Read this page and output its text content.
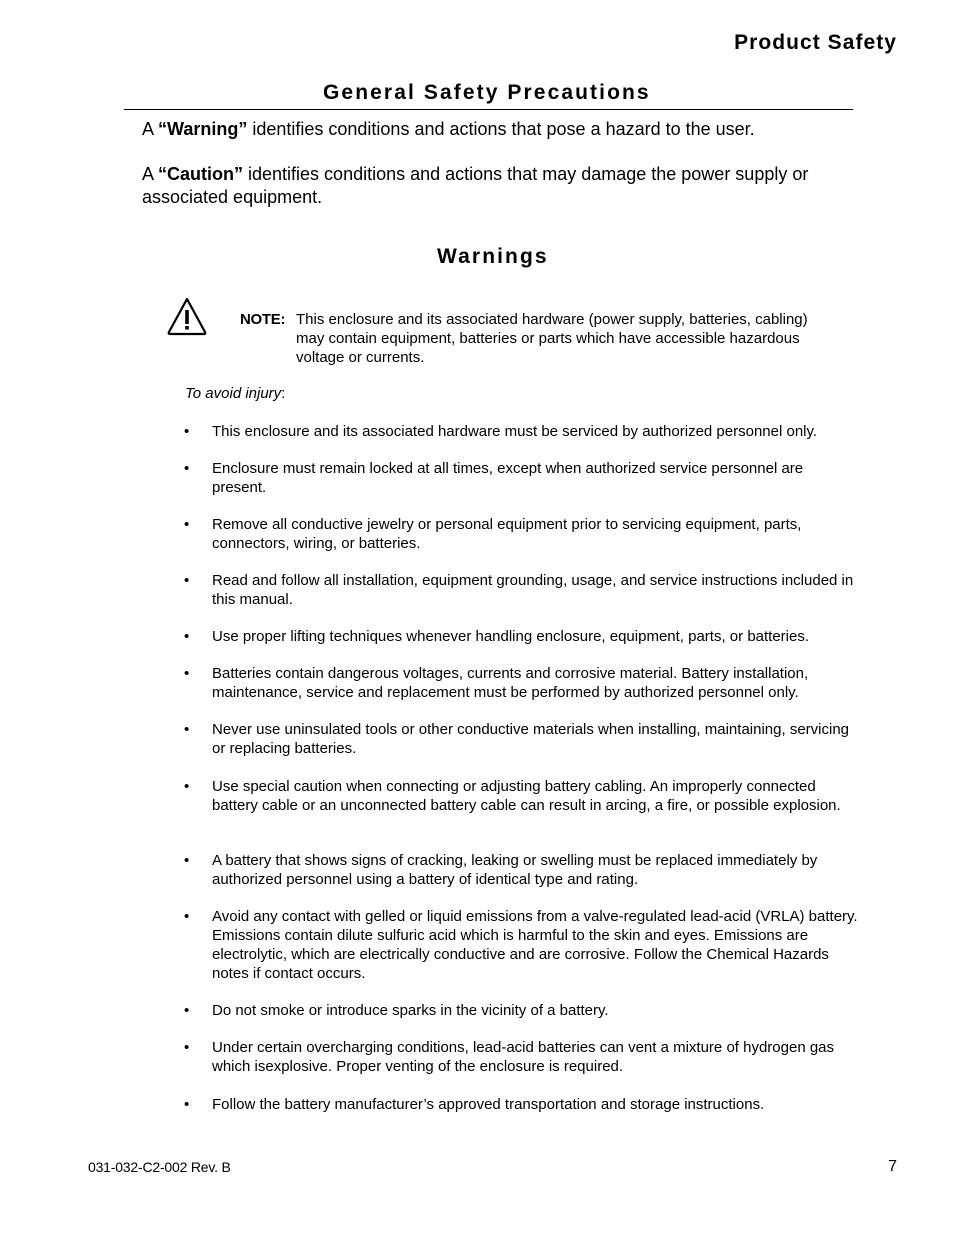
Product Safety
General Safety Precautions
A “Warning” identifies conditions and actions that pose a hazard to the user.
A “Caution” identifies conditions and actions that may damage the power supply or associated equipment.
Warnings
NOTE: This enclosure and its associated hardware (power supply, batteries, cabling) may contain equipment, batteries or parts which have accessible hazardous voltage or currents.
To avoid injury:
• This enclosure and its associated hardware must be serviced by authorized personnel only.
• Enclosure must remain locked at all times, except when authorized service personnel are present.
• Remove all conductive jewelry or personal equipment prior to servicing equipment, parts, connectors, wiring, or batteries.
• Read and follow all installation, equipment grounding, usage, and service instructions included in this manual.
• Use proper lifting techniques whenever handling enclosure, equipment, parts, or batteries.
• Batteries contain dangerous voltages, currents and corrosive material. Battery installation, maintenance, service and replacement must be performed by authorized personnel only.
• Never use uninsulated tools or other conductive materials when installing, maintaining, servicing or replacing batteries.
• Use special caution when connecting or adjusting battery cabling. An improperly connected battery cable or an unconnected battery cable can result in arcing, a fire, or possible explosion.
• A battery that shows signs of cracking, leaking or swelling must be replaced immediately by authorized personnel using a battery of identical type and rating.
• Avoid any contact with gelled or liquid emissions from a valve-regulated lead-acid (VRLA) battery. Emissions contain dilute sulfuric acid which is harmful to the skin and eyes. Emissions are electrolytic, which are electrically conductive and are corrosive. Follow the Chemical Hazards notes if contact occurs.
• Do not smoke or introduce sparks in the vicinity of a battery.
• Under certain overcharging conditions, lead-acid batteries can vent a mixture of hydrogen gas which isexplosive. Proper venting of the enclosure is required.
• Follow the battery manufacturer’s approved transportation and storage instructions.
031-032-C2-002 Rev. B	7
